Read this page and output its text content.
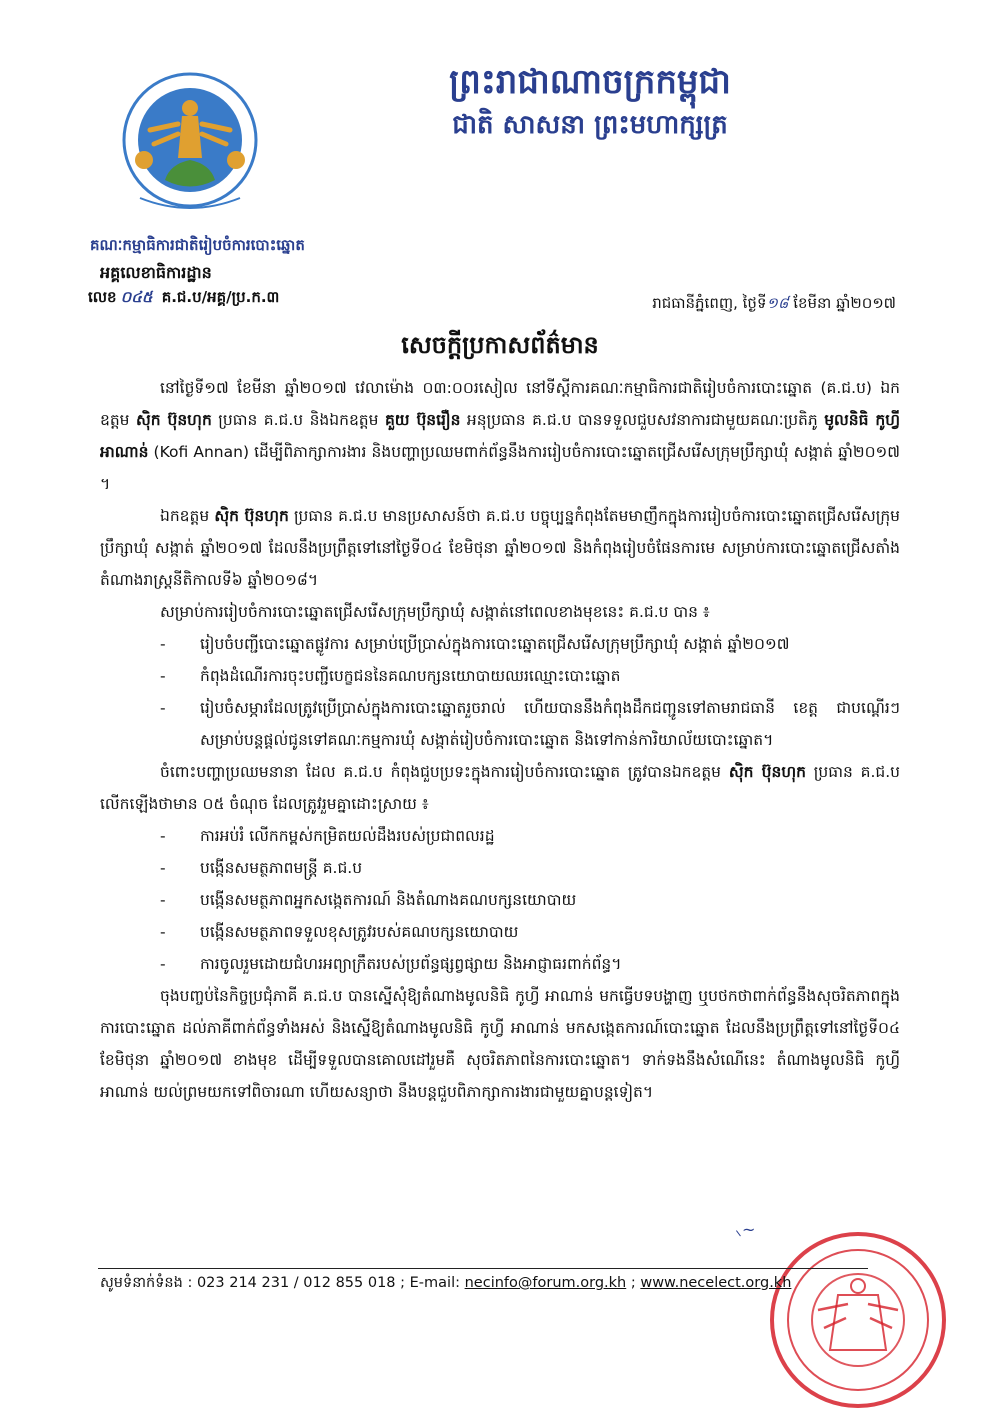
ព្រះរាជាណាចក្រកម្ពុជា
ជាតិ សាសនា ព្រះមហាក្សត្រ
គណៈកម្មាធិការជាតិរៀបចំការបោះឆ្នោត
អគ្គលេខាធិការដ្ឋាន
លេខ ០៤៥ គ.ជ.ប/អគ្គ/ប្រ.ក.៣	រាជធានីភ្នំពេញ, ថ្ងៃទី១៨ ខែមីនា ឆ្នាំ២០១៧
សេចក្តីប្រកាសព័ត៌មាន

នៅថ្ងៃទី១៧ ខែមីនា ឆ្នាំ២០១៧ វេលាម៉ោង ០៣:០០រសៀល នៅទីស្តីការគណៈកម្មាធិការជាតិរៀបចំការបោះឆ្នោត (គ.ជ.ប) ឯកឧត្តម ស៊ិក ប៊ុនហុក ប្រធាន គ.ជ.ប និងឯកឧត្តម គួយ ប៊ុនរឿន អនុប្រធាន គ.ជ.ប បានទទួលជួបសវនាការជាមួយគណៈប្រតិភូ មូលនិធិ កូហ្វី អាណាន់ (Kofi Annan) ដើម្បីពិភាក្សាការងារ និងបញ្ហាប្រឈមពាក់ព័ន្ធនឹងការរៀបចំការបោះឆ្នោតជ្រើសរើសក្រុមប្រឹក្សាឃុំ សង្កាត់ ឆ្នាំ២០១៧ ។

ឯកឧត្តម ស៊ិក ប៊ុនហុក ប្រធាន គ.ជ.ប មានប្រសាសន៍ថា គ.ជ.ប បច្ចុប្បន្នកំពុងតែមមាញឹកក្នុងការរៀបចំការបោះឆ្នោតជ្រើសរើសក្រុមប្រឹក្សាឃុំ សង្កាត់ ឆ្នាំ២០១៧ ដែលនឹងប្រព្រឹត្តទៅនៅថ្ងៃទី០៤ ខែមិថុនា ឆ្នាំ២០១៧ និងកំពុងរៀបចំផែនការមេ សម្រាប់ការបោះឆ្នោតជ្រើសតាំងតំណាងរាស្ត្រនីតិកាលទី៦ ឆ្នាំ២០១៨។

សម្រាប់ការរៀបចំការបោះឆ្នោតជ្រើសរើសក្រុមប្រឹក្សាឃុំ សង្កាត់នៅពេលខាងមុខនេះ គ.ជ.ប បាន ៖

- រៀបចំបញ្ជីបោះឆ្នោតផ្លូវការ សម្រាប់ប្រើប្រាស់ក្នុងការបោះឆ្នោតជ្រើសរើសក្រុមប្រឹក្សាឃុំ សង្កាត់ ឆ្នាំ២០១៧
- កំពុងដំណើរការចុះបញ្ជីបេក្ខជននៃគណបក្សនយោបាយឈរឈ្មោះបោះឆ្នោត
- រៀបចំសម្ភារដែលត្រូវប្រើប្រាស់ក្នុងការបោះឆ្នោតរួចរាល់ ហើយបាននឹងកំពុងដឹកជញ្ជូនទៅតាមរាជធានី ខេត្ត ជាបណ្តើរៗសម្រាប់បន្តផ្តល់ជូនទៅគណៈកម្មការឃុំ សង្កាត់រៀបចំការបោះឆ្នោត និងទៅកាន់ការិយាល័យបោះឆ្នោត។

ចំពោះបញ្ហាប្រឈមនានា ដែល គ.ជ.ប កំពុងជួបប្រទះក្នុងការរៀបចំការបោះឆ្នោត ត្រូវបានឯកឧត្តម ស៊ិក ប៊ុនហុក ប្រធាន គ.ជ.ប លើកឡើងថាមាន ០៥ ចំណុច ដែលត្រូវរួមគ្នាដោះស្រាយ ៖

- ការអប់រំ លើកកម្ពស់កម្រិតយល់ដឹងរបស់ប្រជាពលរដ្ឋ
- បង្កើនសមត្ថភាពមន្ត្រី គ.ជ.ប
- បង្កើនសមត្ថភាពអ្នកសង្កេតការណ៍ និងតំណាងគណបក្សនយោបាយ
- បង្កើនសមត្ថភាពទទួលខុសត្រូវរបស់គណបក្សនយោបាយ
- ការចូលរួមដោយជំហរអព្យាក្រឹតរបស់ប្រព័ន្ធផ្សព្វផ្សាយ និងអាជ្ញាធរពាក់ព័ន្ធ។

ចុងបញ្ចប់នៃកិច្ចប្រជុំភាគី គ.ជ.ប បានស្នើសុំឱ្យតំណាងមូលនិធិ កូហ្វី អាណាន់ មកធ្វើបទបង្ហាញ ឬបថកថាពាក់ព័ន្ធនឹងសុចរិតភាពក្នុងការបោះឆ្នោត ដល់ភាគីពាក់ព័ន្ធទាំងអស់ និងស្នើឱ្យតំណាងមូលនិធិ កូហ្វី អាណាន់ មកសង្កេតការណ៍បោះឆ្នោត ដែលនឹងប្រព្រឹត្តទៅនៅថ្ងៃទី០៤ ខែមិថុនា ឆ្នាំ២០១៧ ខាងមុខ ដើម្បីទទួលបានគោលដៅរួមគឺ សុចរិតភាពនៃការបោះឆ្នោត។ ទាក់ទងនឹងសំណើនេះ តំណាងមូលនិធិ កូហ្វី អាណាន់ យល់ព្រមយកទៅពិចារណា ហើយសន្យាថា នឹងបន្តជួបពិភាក្សាការងារជាមួយគ្នាបន្តទៀត។

⸜~
សូមទំនាក់ទំនង : 023 214 231 / 012 855 018 ; E-mail: necinfo@forum.org.kh ; www.necelect.org.kh
